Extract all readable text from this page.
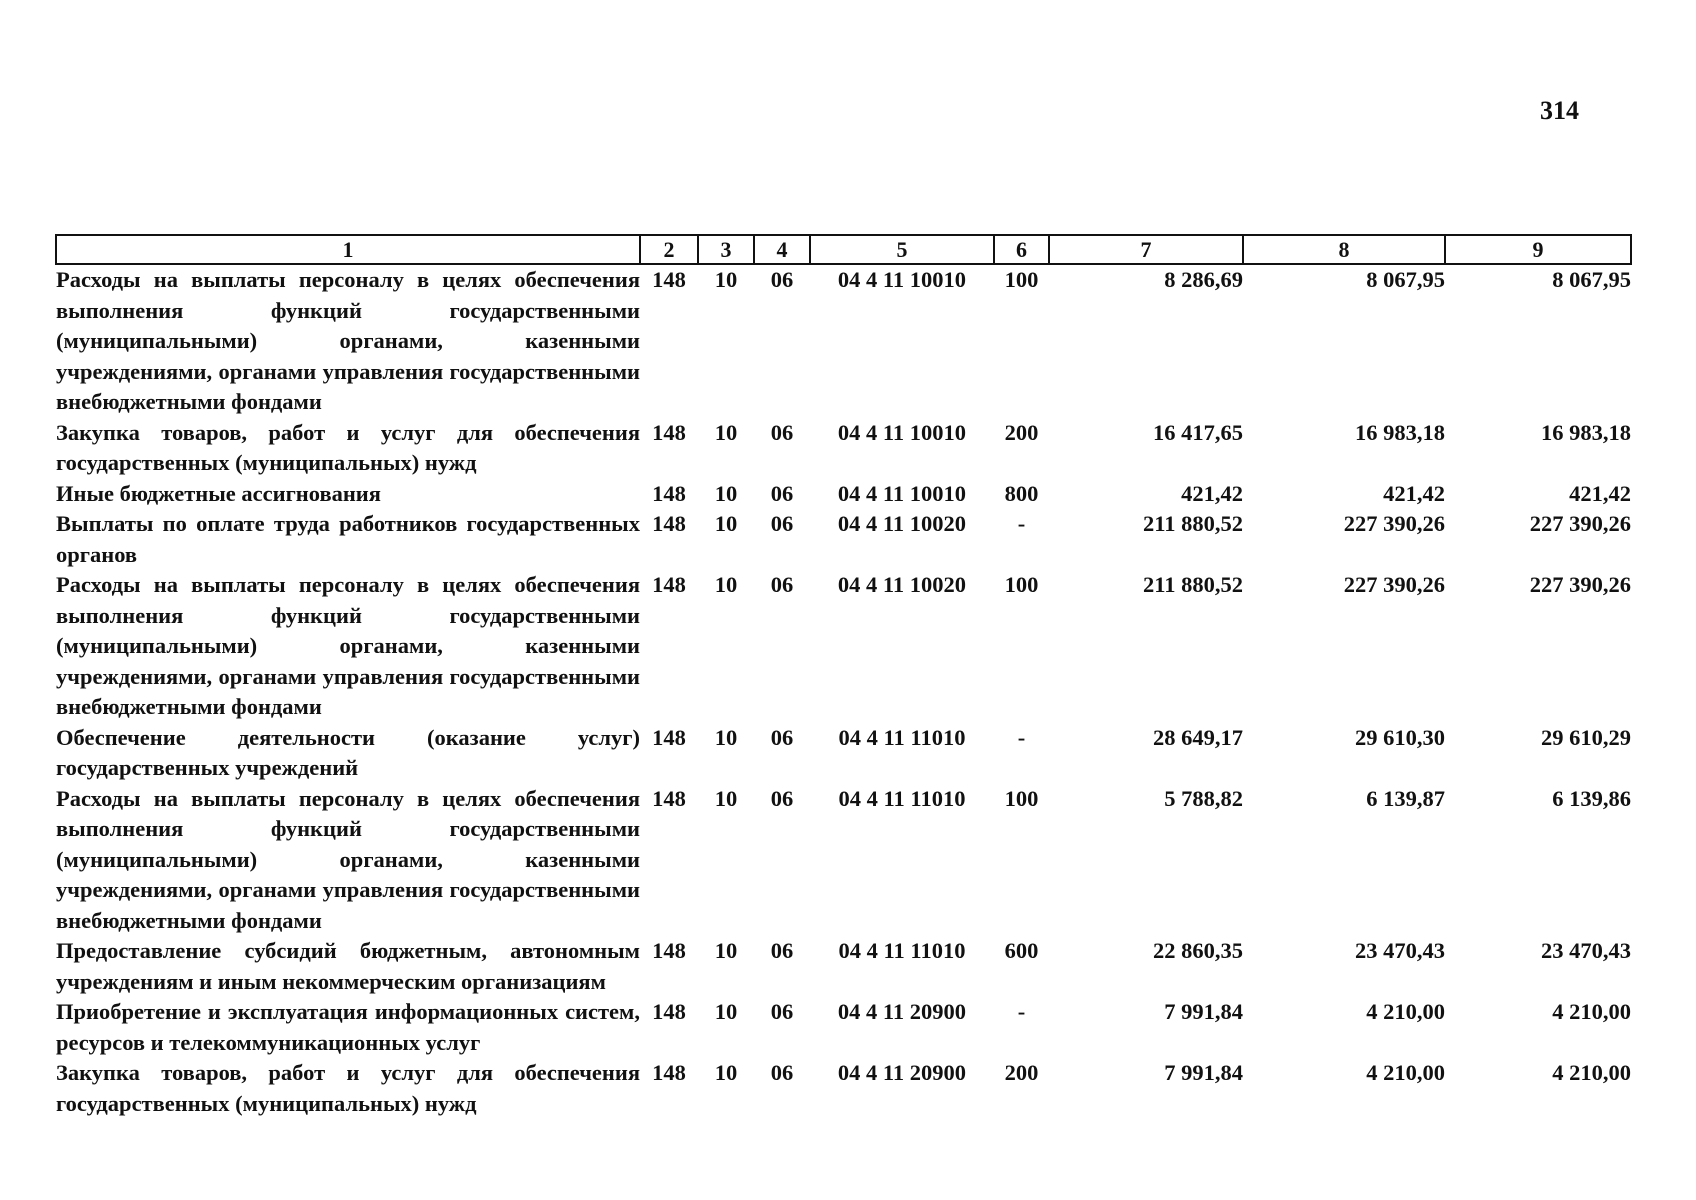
314
1	2	3	4	5	6	7	8	9
Расходы на выплаты персоналу в целях обеспечения выполнения функций государственными (муниципальными) органами, казенными учреждениями, органами управления государственными внебюджетными фондами	148	10	06	04 4 11 10010	100	8 286,69	8 067,95	8 067,95
Закупка товаров, работ и услуг для обеспечения государственных (муниципальных) нужд	148	10	06	04 4 11 10010	200	16 417,65	16 983,18	16 983,18
Иные бюджетные ассигнования	148	10	06	04 4 11 10010	800	421,42	421,42	421,42
Выплаты по оплате труда работников государственных органов	148	10	06	04 4 11 10020	-	211 880,52	227 390,26	227 390,26
Расходы на выплаты персоналу в целях обеспечения выполнения функций государственными (муниципальными) органами, казенными учреждениями, органами управления государственными внебюджетными фондами	148	10	06	04 4 11 10020	100	211 880,52	227 390,26	227 390,26
Обеспечение деятельности (оказание услуг) государственных учреждений	148	10	06	04 4 11 11010	-	28 649,17	29 610,30	29 610,29
Расходы на выплаты персоналу в целях обеспечения выполнения функций государственными (муниципальными) органами, казенными учреждениями, органами управления государственными внебюджетными фондами	148	10	06	04 4 11 11010	100	5 788,82	6 139,87	6 139,86
Предоставление субсидий бюджетным, автономным учреждениям и иным некоммерческим организациям	148	10	06	04 4 11 11010	600	22 860,35	23 470,43	23 470,43
Приобретение и эксплуатация информационных систем, ресурсов и телекоммуникационных услуг	148	10	06	04 4 11 20900	-	7 991,84	4 210,00	4 210,00
Закупка товаров, работ и услуг для обеспечения государственных (муниципальных) нужд	148	10	06	04 4 11 20900	200	7 991,84	4 210,00	4 210,00
